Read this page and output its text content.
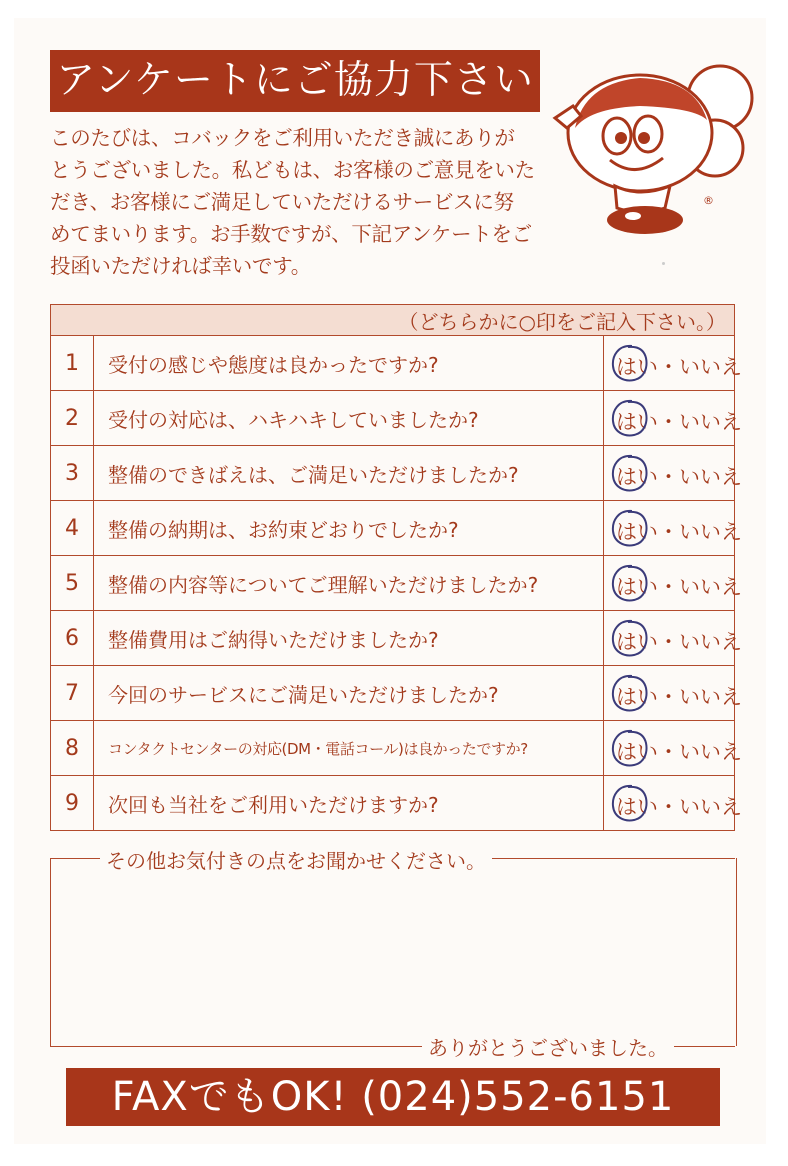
アンケートにご協力下さい
このたびは、コバックをご利用いただき誠にありが
とうございました。私どもは、お客様のご意見をいた
だき、お客様にご満足していただけるサービスに努
めてまいります。お手数ですが、下記アンケートをご
投函いただければ幸いです。
®
（どちらかに○印をご記入下さい。）		
1	受付の感じや態度は良かったですか?	はい・いいえ

2	受付の対応は、ハキハキしていましたか?	はい・いいえ

3	整備のできばえは、ご満足いただけましたか?	はい・いいえ

4	整備の納期は、お約束どおりでしたか?	はい・いいえ

5	整備の内容等についてご理解いただけましたか?	はい・いいえ

6	整備費用はご納得いただけましたか?	はい・いいえ

7	今回のサービスにご満足いただけましたか?	はい・いいえ

8	コンタクトセンターの対応(DM・電話コール)は良かったですか?	はい・いいえ

9	次回も当社をご利用いただけますか?	はい・いいえ
その他お気付きの点をお聞かせください。
ありがとうございました。
FAXでもOK! (024)552-6151
